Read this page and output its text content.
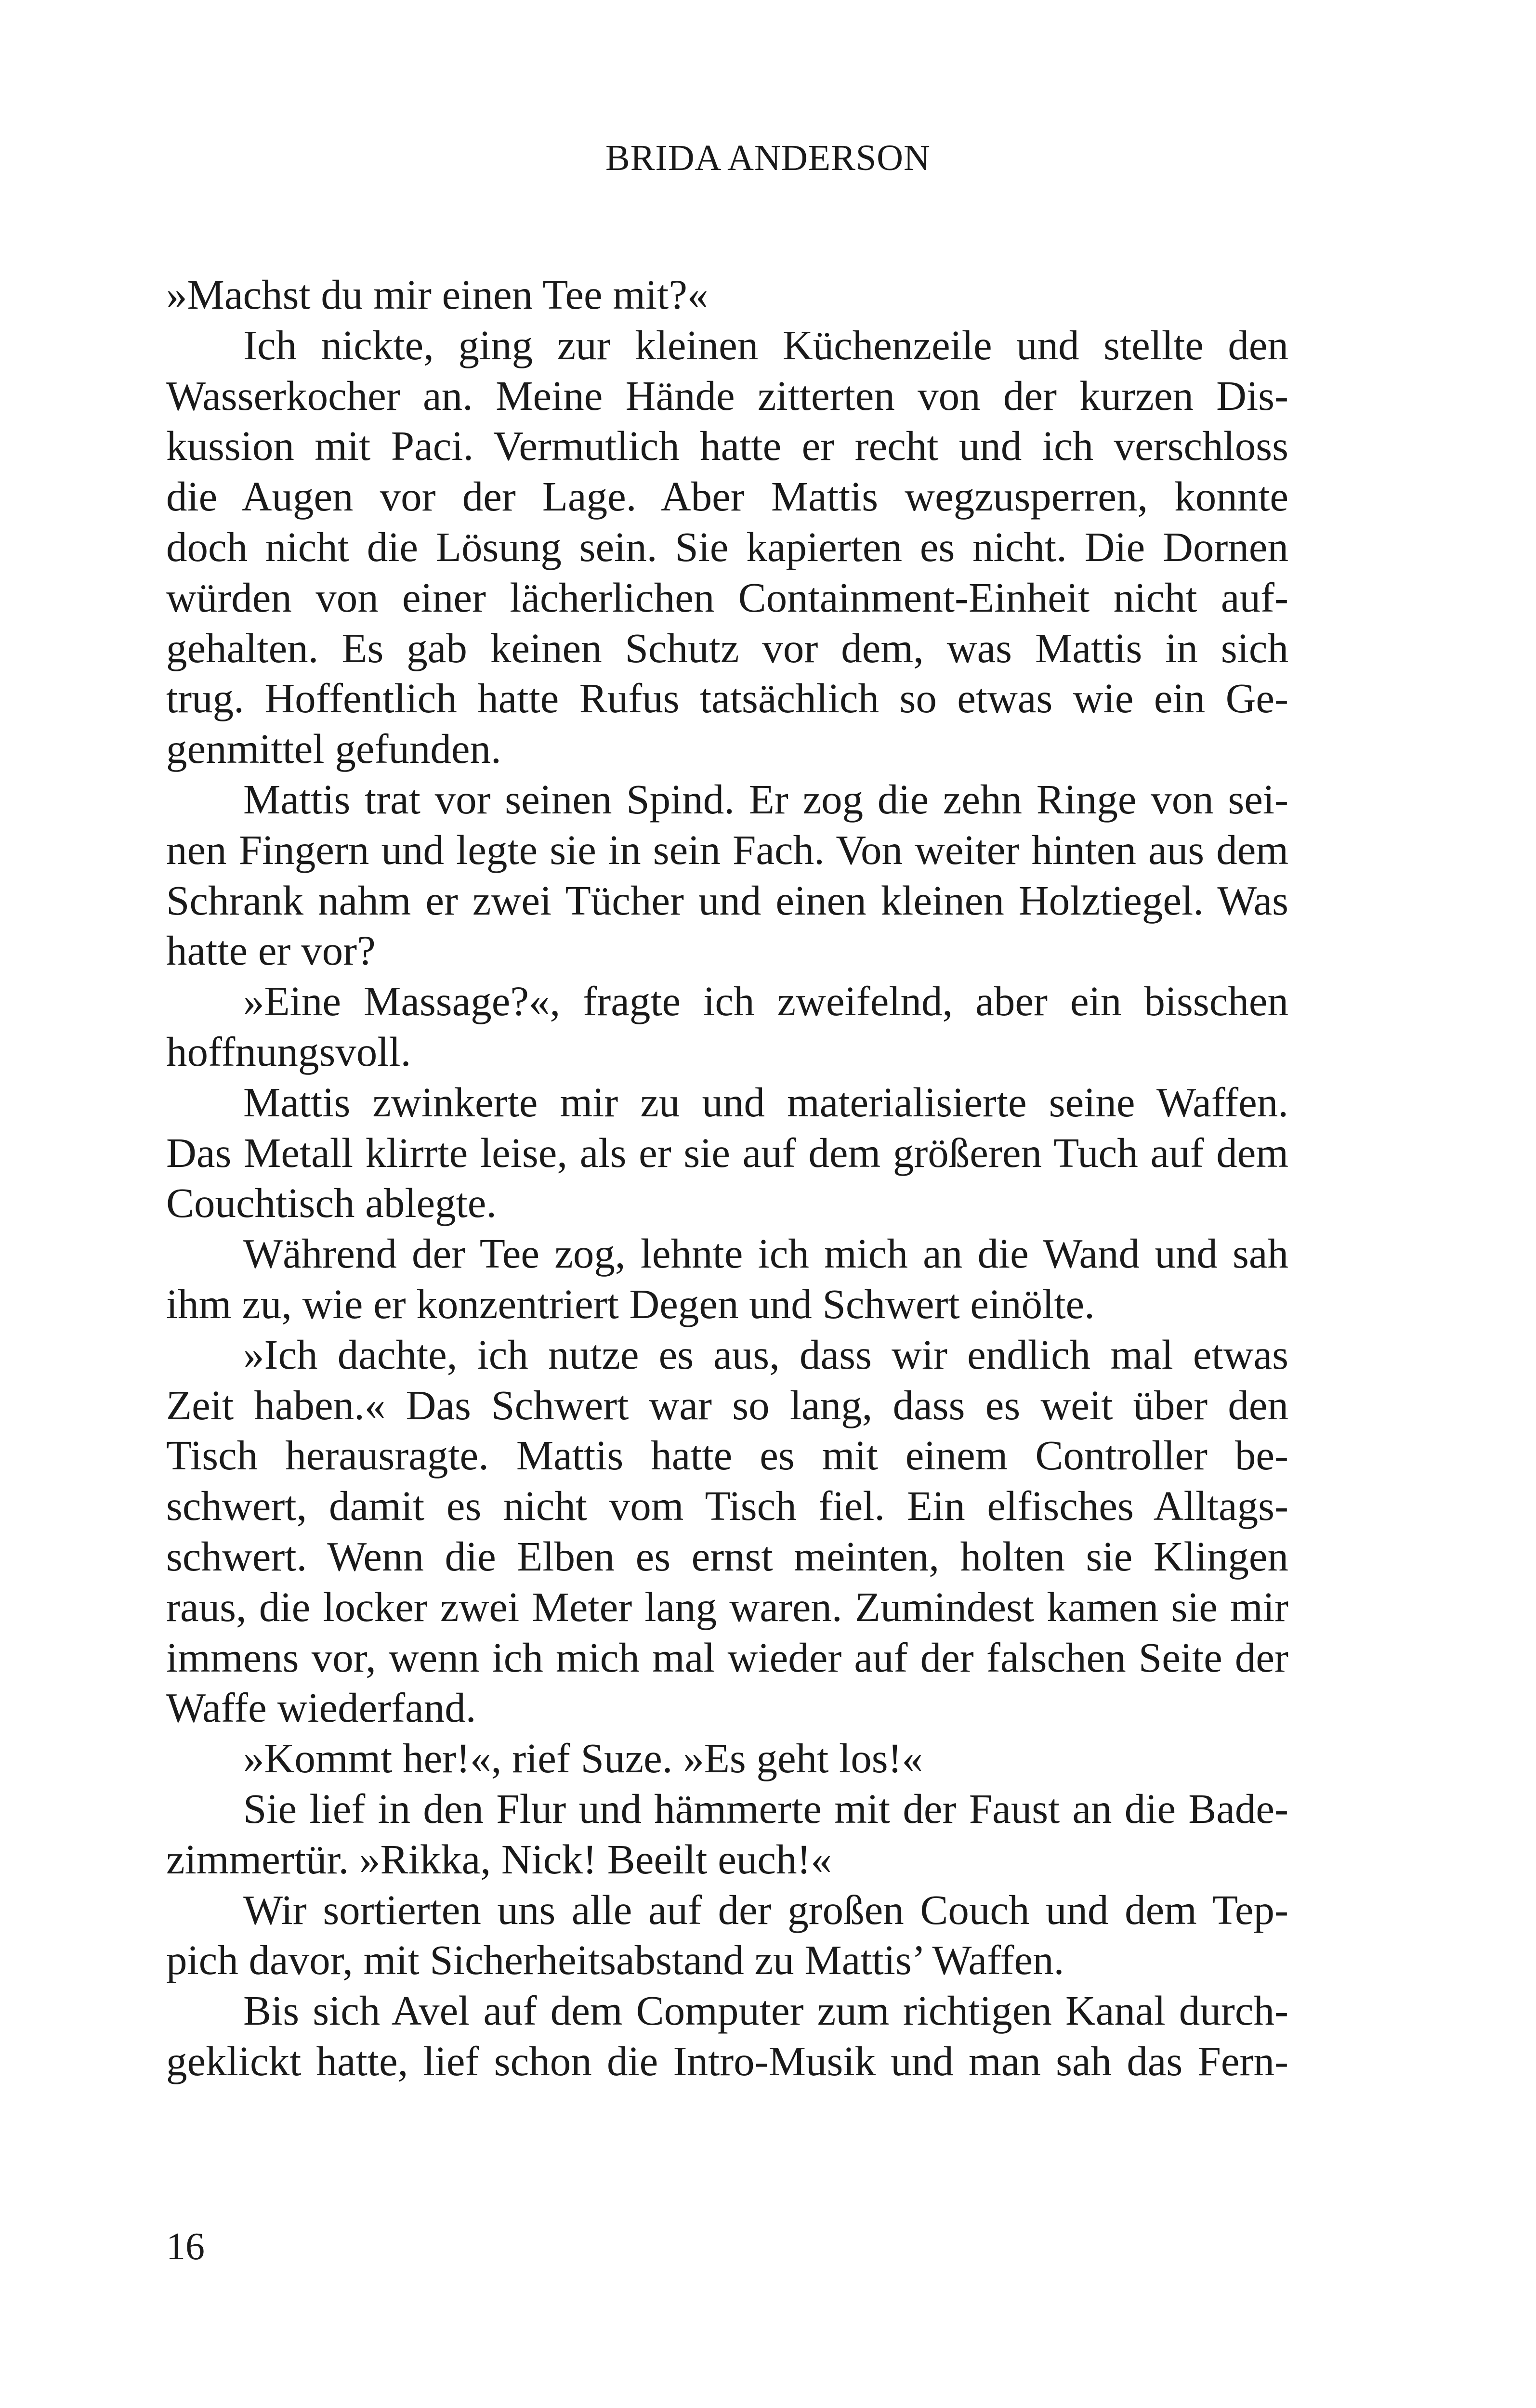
BRIDA ANDERSON
»Machst du mir einen Tee mit?«
Ich nickte, ging zur kleinen Küchenzeile und stellte den
Wasserkocher an. Meine Hände zitterten von der kurzen Dis-
kussion mit Paci. Vermutlich hatte er recht und ich verschloss
die Augen vor der Lage. Aber Mattis wegzusperren, konnte
doch nicht die Lösung sein. Sie kapierten es nicht. Die Dornen
würden von einer lächerlichen Containment-Einheit nicht auf-
gehalten. Es gab keinen Schutz vor dem, was Mattis in sich
trug. Hoffentlich hatte Rufus tatsächlich so etwas wie ein Ge-
genmittel gefunden.
Mattis trat vor seinen Spind. Er zog die zehn Ringe von sei-
nen Fingern und legte sie in sein Fach. Von weiter hinten aus dem
Schrank nahm er zwei Tücher und einen kleinen Holztiegel. Was
hatte er vor?
»Eine Massage?«, fragte ich zweifelnd, aber ein bisschen
hoffnungsvoll.
Mattis zwinkerte mir zu und materialisierte seine Waffen.
Das Metall klirrte leise, als er sie auf dem größeren Tuch auf dem
Couchtisch ablegte.
Während der Tee zog, lehnte ich mich an die Wand und sah
ihm zu, wie er konzentriert Degen und Schwert einölte.
»Ich dachte, ich nutze es aus, dass wir endlich mal etwas
Zeit haben.« Das Schwert war so lang, dass es weit über den
Tisch herausragte. Mattis hatte es mit einem Controller be-
schwert, damit es nicht vom Tisch fiel. Ein elfisches Alltags-
schwert. Wenn die Elben es ernst meinten, holten sie Klingen
raus, die locker zwei Meter lang waren. Zumindest kamen sie mir
immens vor, wenn ich mich mal wieder auf der falschen Seite der
Waffe wiederfand.
»Kommt her!«, rief Suze. »Es geht los!«
Sie lief in den Flur und hämmerte mit der Faust an die Bade-
zimmertür. »Rikka, Nick! Beeilt euch!«
Wir sortierten uns alle auf der großen Couch und dem Tep-
pich davor, mit Sicherheitsabstand zu Mattis’ Waffen.
Bis sich Avel auf dem Computer zum richtigen Kanal durch-
geklickt hatte, lief schon die Intro-Musik und man sah das Fern-
16
